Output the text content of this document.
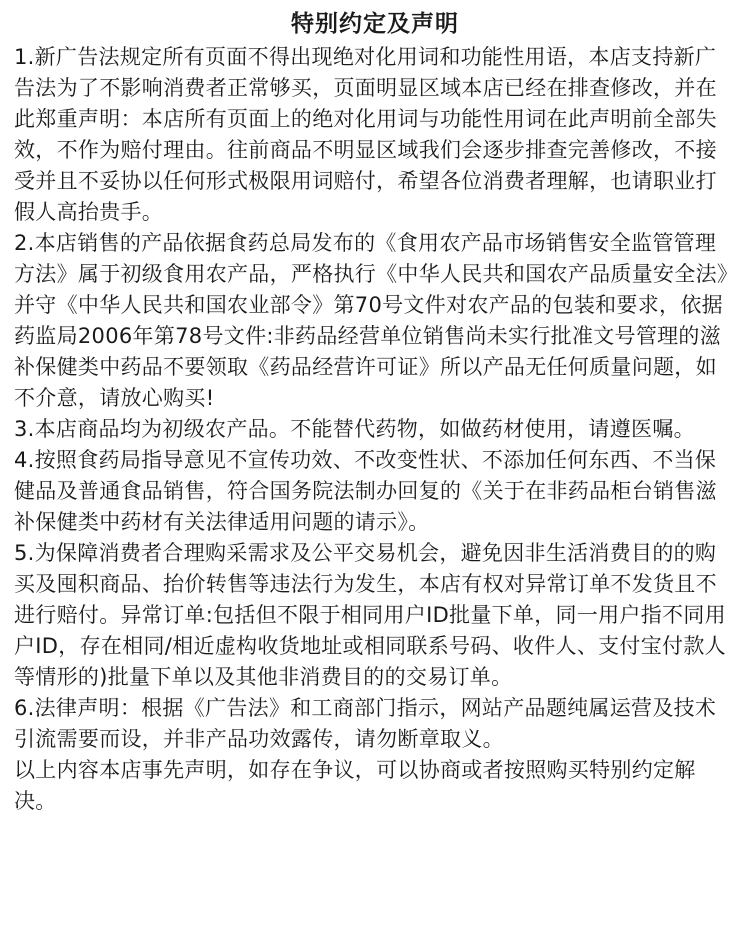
特别约定及声明

1.新广告法规定所有页面不得出现绝对化用词和功能性用语，本店支持新广告法为了不影响消费者正常够买，页面明显区域本店已经在排查修改，并在此郑重声明：本店所有页面上的绝对化用词与功能性用词在此声明前全部失效，不作为赔付理由。往前商品不明显区域我们会逐步排查完善修改，不接受并且不妥协以任何形式极限用词赔付，希望各位消费者理解，也请职业打假人高抬贵手。

2.本店销售的产品依据食药总局发布的《食用农产品市场销售安全监管管理方法》属于初级食用农产品，严格执行《中华人民共和国农产品质量安全法》并守《中华人民共和国农业部令》第70号文件对农产品的包装和要求，依据药监局2006年第78号文件:非药品经营单位销售尚未实行批准文号管理的滋补保健类中药品不要领取《药品经营许可证》所以产品无任何质量问题，如不介意，请放心购买!

3.本店商品均为初级农产品。不能替代药物，如做药材使用，请遵医嘱。

4.按照食药局指导意见不宣传功效、不改变性状、不添加任何东西、不当保健品及普通食品销售，符合国务院法制办回复的《关于在非药品柜台销售滋补保健类中药材有关法律适用问题的请示》。

5.为保障消费者合理购采需求及公平交易机会，避免因非生活消费目的的购买及囤积商品、抬价转售等违法行为发生，本店有权对异常订单不发货且不进行赔付。异常订单:包括但不限于相同用户ID批量下单，同一用户指不同用户ID，存在相同/相近虚构收货地址或相同联系号码、收件人、支付宝付款人等情形的)批量下单以及其他非消费目的的交易订单。

6.法律声明：根据《广告法》和工商部门指示，网站产品题纯属运营及技术引流需要而设，并非产品功效露传，请勿断章取义。

以上内容本店事先声明，如存在争议，可以协商或者按照购买特别约定解决。
